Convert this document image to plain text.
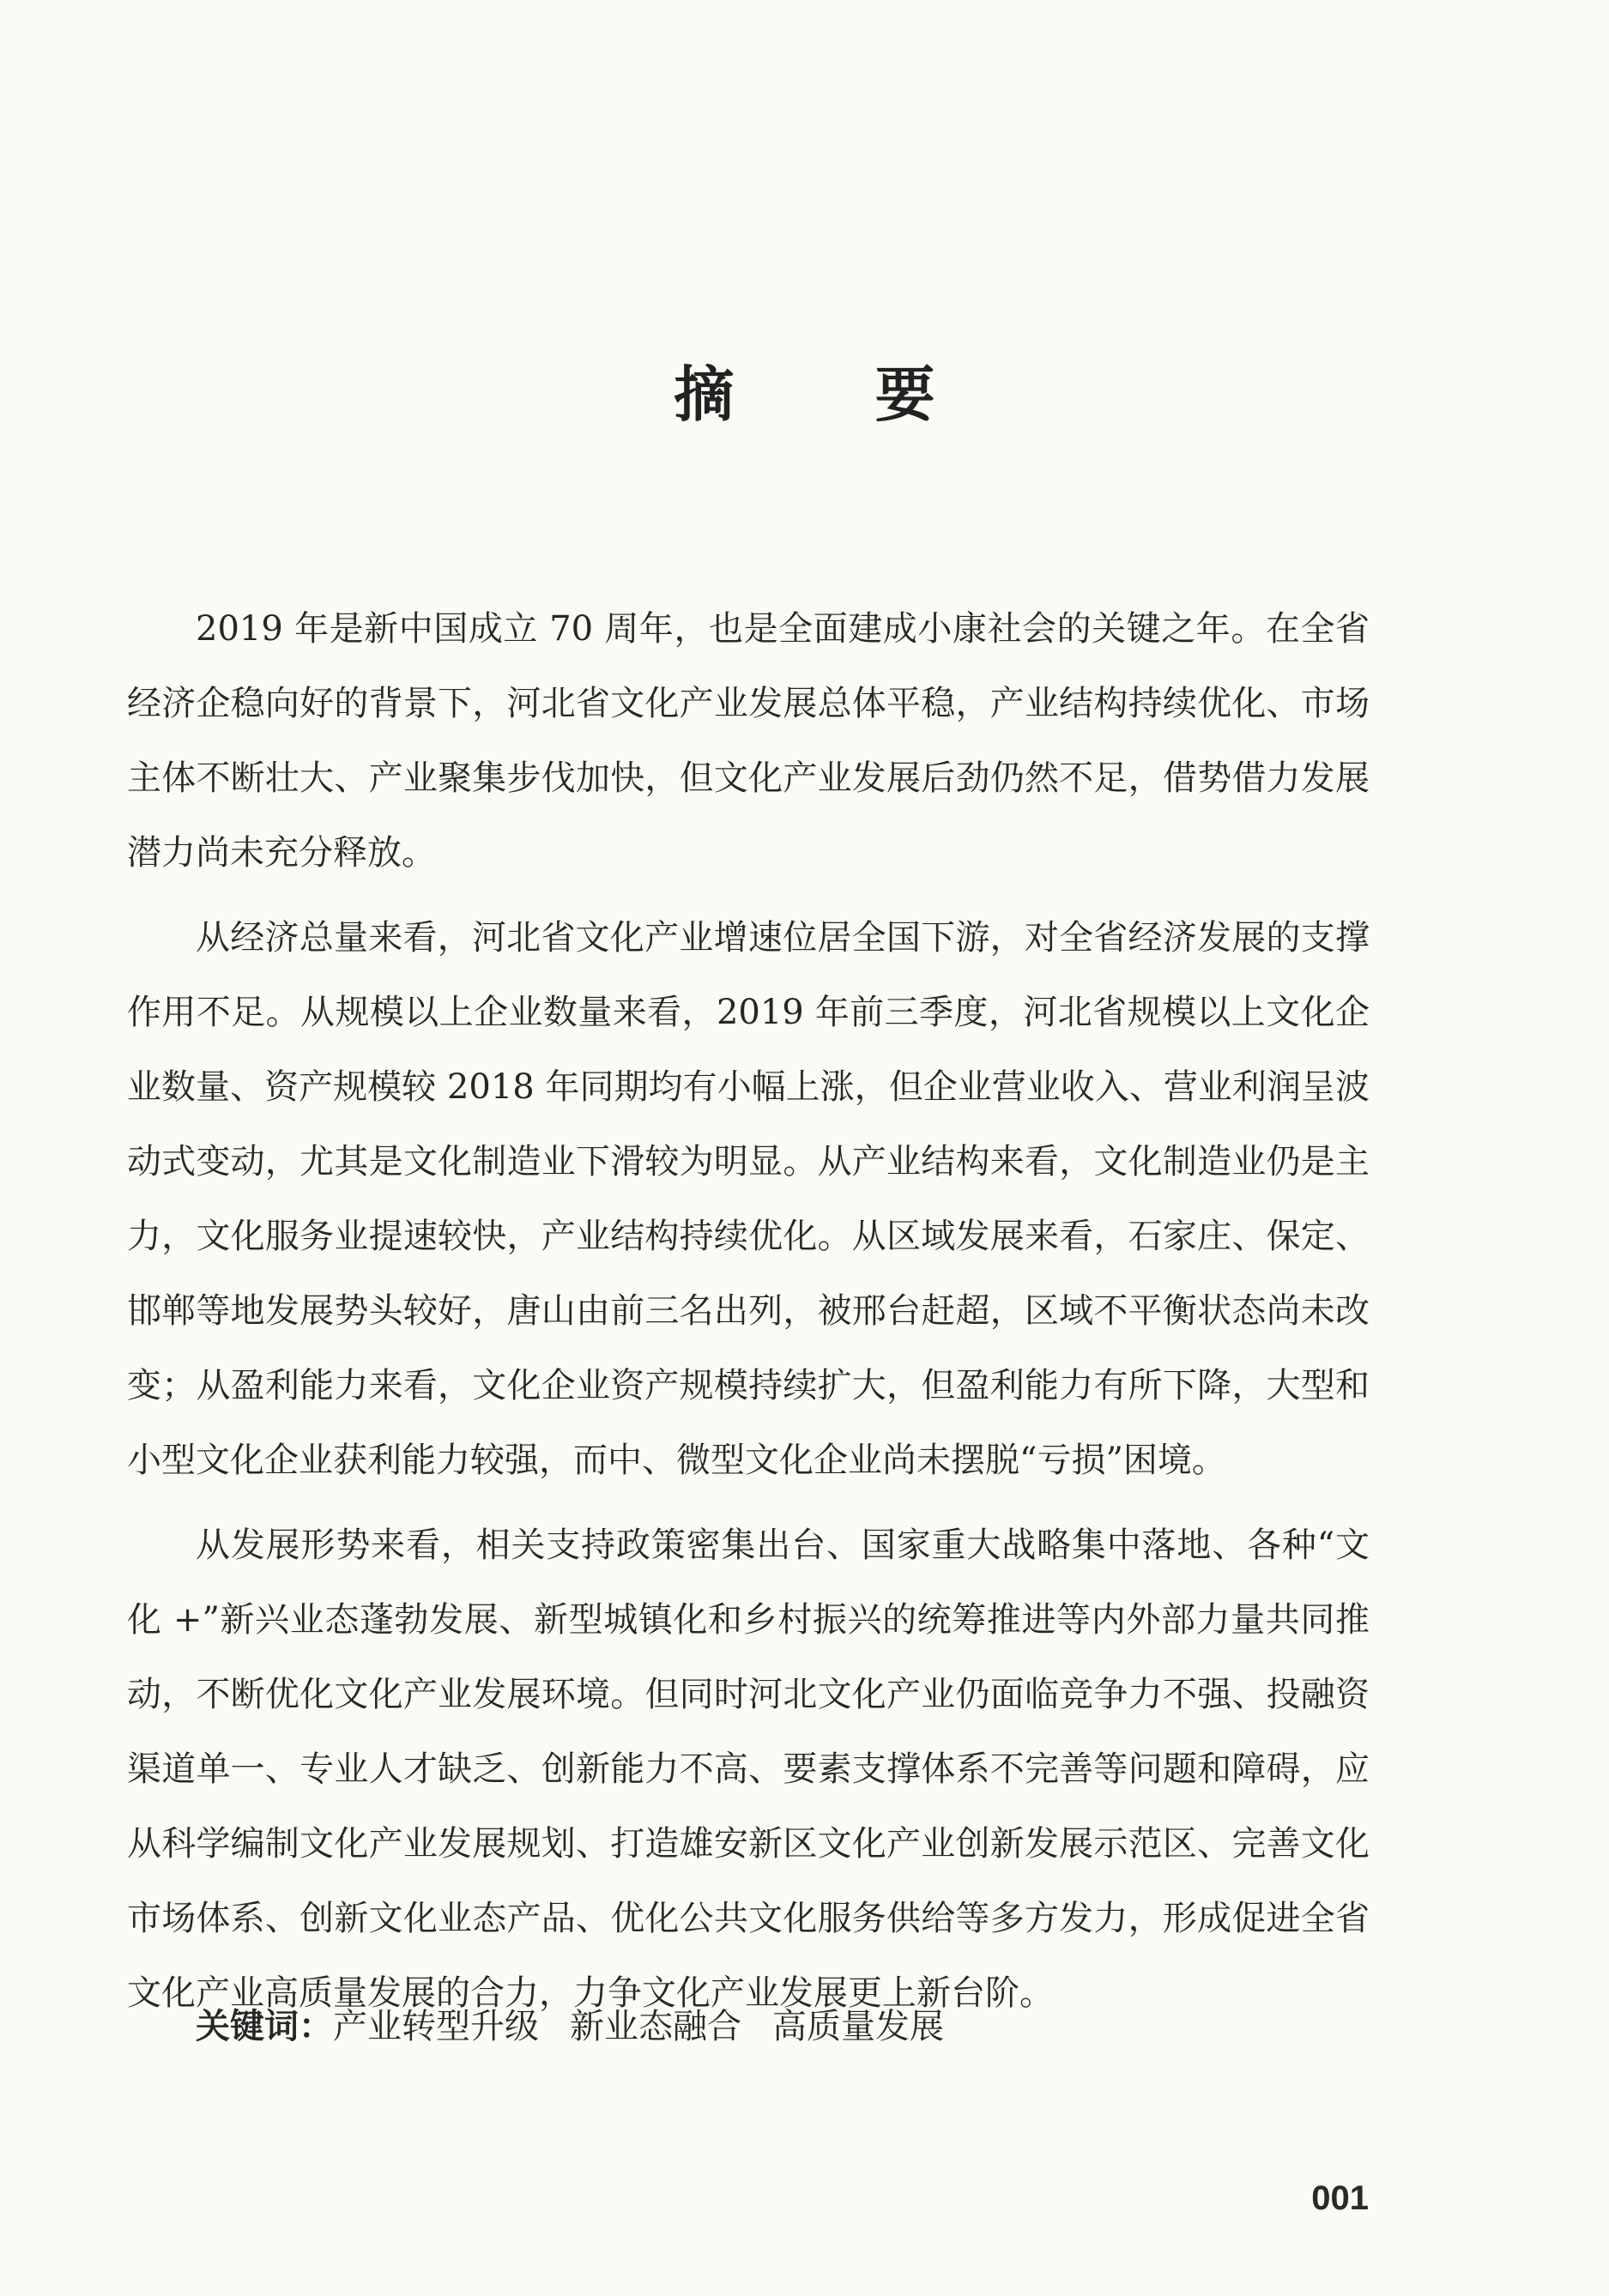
摘 要

2019 年是新中国成立 70 周年，也是全面建成小康社会的关键之年。在全省经济企稳向好的背景下，河北省文化产业发展总体平稳，产业结构持续优化、市场主体不断壮大、产业聚集步伐加快，但文化产业发展后劲仍然不足，借势借力发展潜力尚未充分释放。

从经济总量来看，河北省文化产业增速位居全国下游，对全省经济发展的支撑作用不足。从规模以上企业数量来看，2019 年前三季度，河北省规模以上文化企业数量、资产规模较 2018 年同期均有小幅上涨，但企业营业收入、营业利润呈波动式变动，尤其是文化制造业下滑较为明显。从产业结构来看，文化制造业仍是主力，文化服务业提速较快，产业结构持续优化。从区域发展来看，石家庄、保定、邯郸等地发展势头较好，唐山由前三名出列，被邢台赶超，区域不平衡状态尚未改变；从盈利能力来看，文化企业资产规模持续扩大，但盈利能力有所下降，大型和小型文化企业获利能力较强，而中、微型文化企业尚未摆脱“亏损”困境。

从发展形势来看，相关支持政策密集出台、国家重大战略集中落地、各种“文化 +”新兴业态蓬勃发展、新型城镇化和乡村振兴的统筹推进等内外部力量共同推动，不断优化文化产业发展环境。但同时河北文化产业仍面临竞争力不强、投融资渠道单一、专业人才缺乏、创新能力不高、要素支撑体系不完善等问题和障碍，应从科学编制文化产业发展规划、打造雄安新区文化产业创新发展示范区、完善文化市场体系、创新文化业态产品、优化公共文化服务供给等多方发力，形成促进全省文化产业高质量发展的合力，力争文化产业发展更上新台阶。

关键词：产业转型升级 新业态融合 高质量发展
001
